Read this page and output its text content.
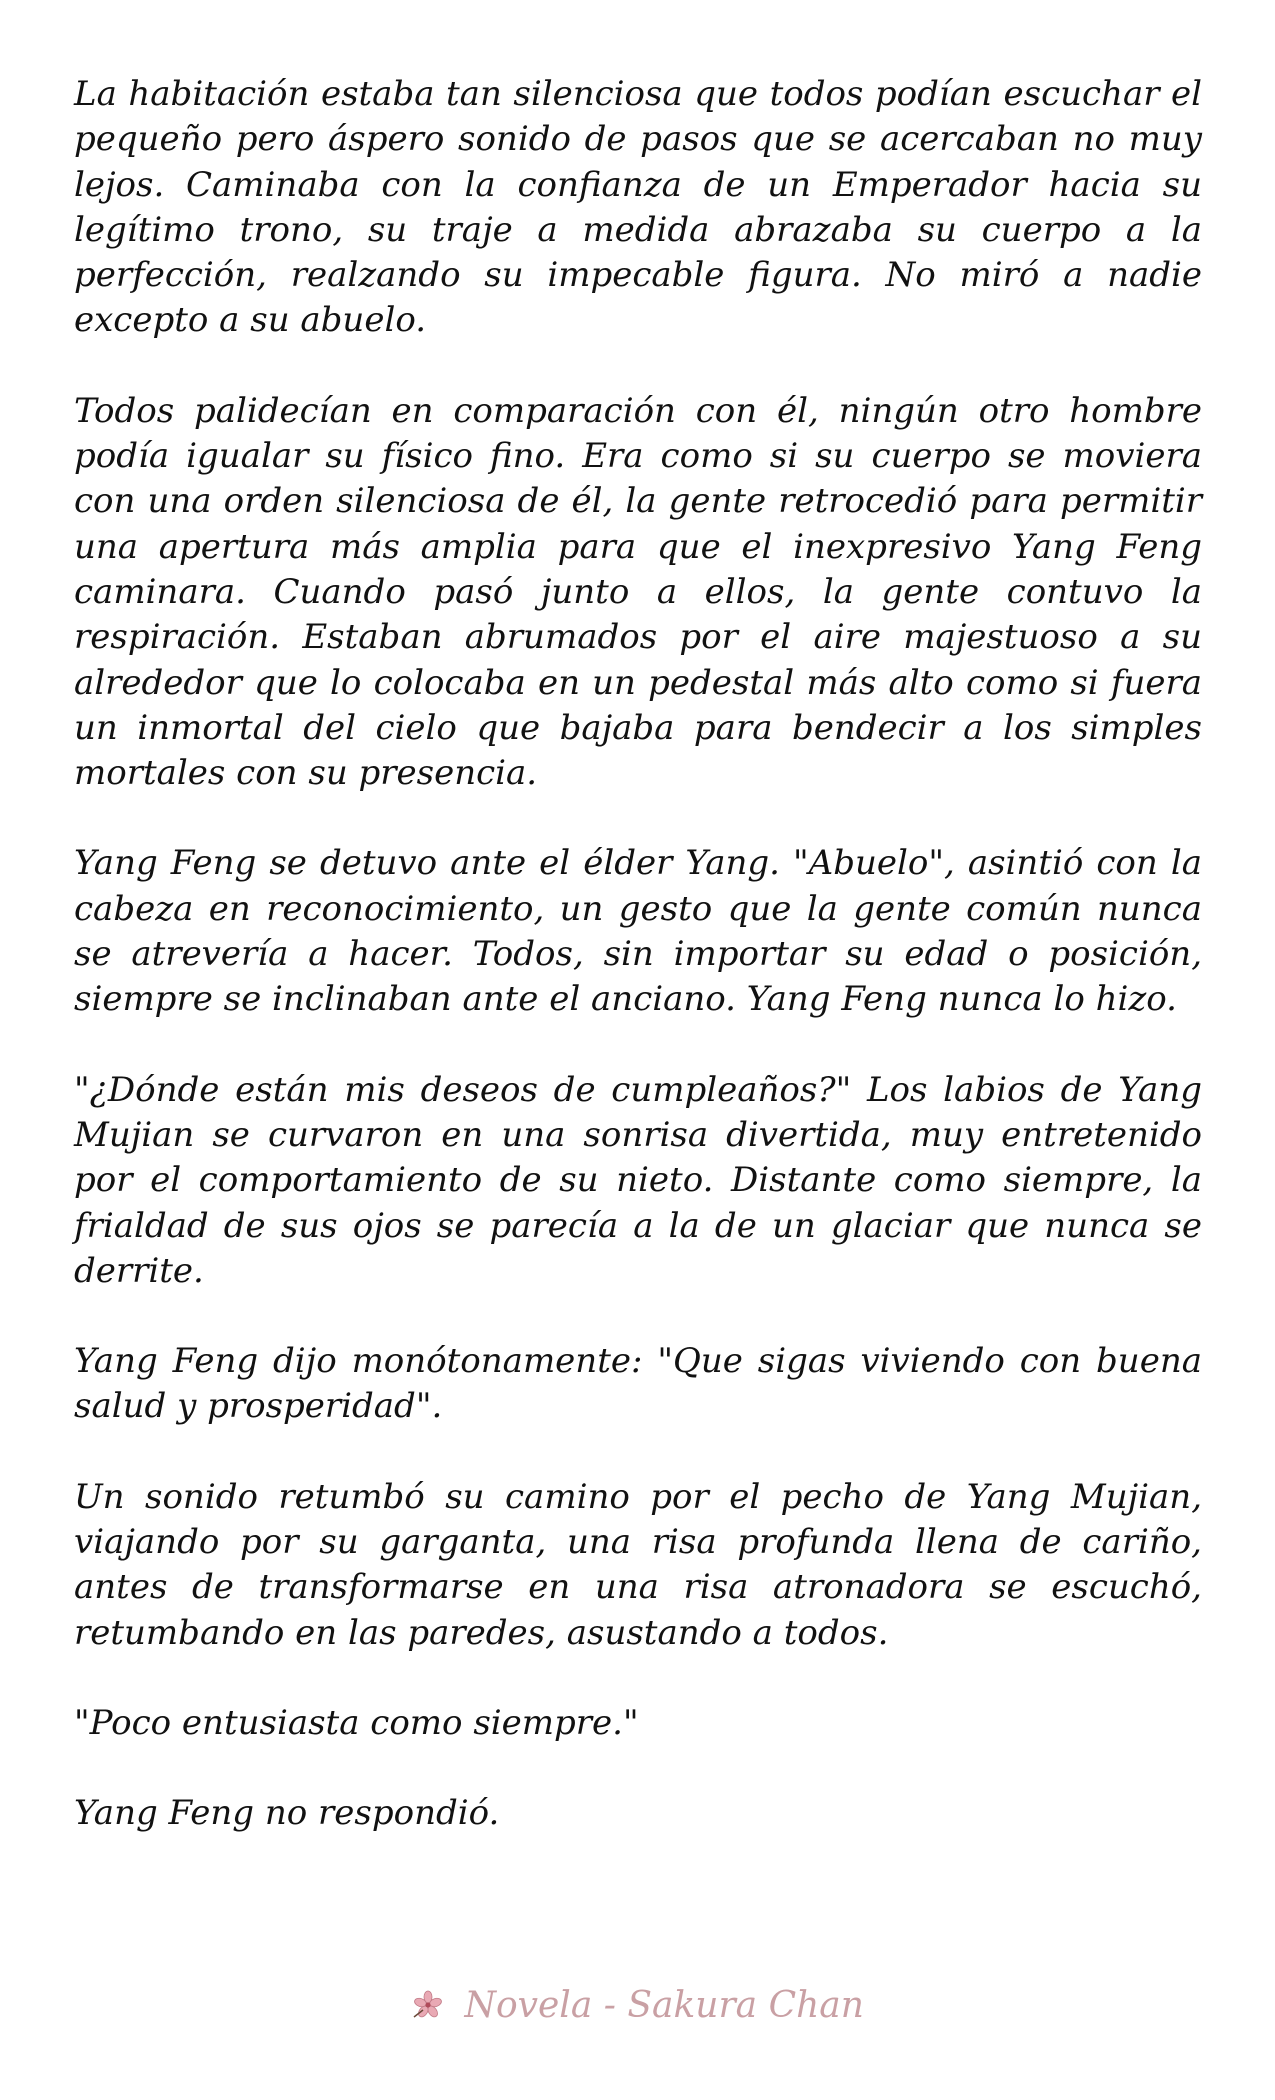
La habitación estaba tan silenciosa que todos podían escuchar el pequeño pero áspero sonido de pasos que se acercaban no muy lejos. Caminaba con la confianza de un Emperador hacia su legítimo trono, su traje a medida abrazaba su cuerpo a la perfección, realzando su impecable figura. No miró a nadie excepto a su abuelo.

Todos palidecían en comparación con él, ningún otro hombre podía igualar su físico fino. Era como si su cuerpo se moviera con una orden silenciosa de él, la gente retrocedió para permitir una apertura más amplia para que el inexpresivo Yang Feng caminara. Cuando pasó junto a ellos, la gente contuvo la respiración. Estaban abrumados por el aire majestuoso a su alrededor que lo colocaba en un pedestal más alto como si fuera un inmortal del cielo que bajaba para bendecir a los simples mortales con su presencia.

Yang Feng se detuvo ante el élder Yang. "Abuelo", asintió con la cabeza en reconocimiento, un gesto que la gente común nunca se atrevería a hacer. Todos, sin importar su edad o posición, siempre se inclinaban ante el anciano. Yang Feng nunca lo hizo.

"¿Dónde están mis deseos de cumpleaños?" Los labios de Yang Mujian se curvaron en una sonrisa divertida, muy entretenido por el comportamiento de su nieto. Distante como siempre, la frialdad de sus ojos se parecía a la de un glaciar que nunca se derrite.

Yang Feng dijo monótonamente: "Que sigas viviendo con buena salud y prosperidad".

Un sonido retumbó su camino por el pecho de Yang Mujian, viajando por su garganta, una risa profunda llena de cariño, antes de transformarse en una risa atronadora se escuchó, retumbando en las paredes, asustando a todos.

"Poco entusiasta como siempre."

Yang Feng no respondió.

Novela - Sakura Chan
